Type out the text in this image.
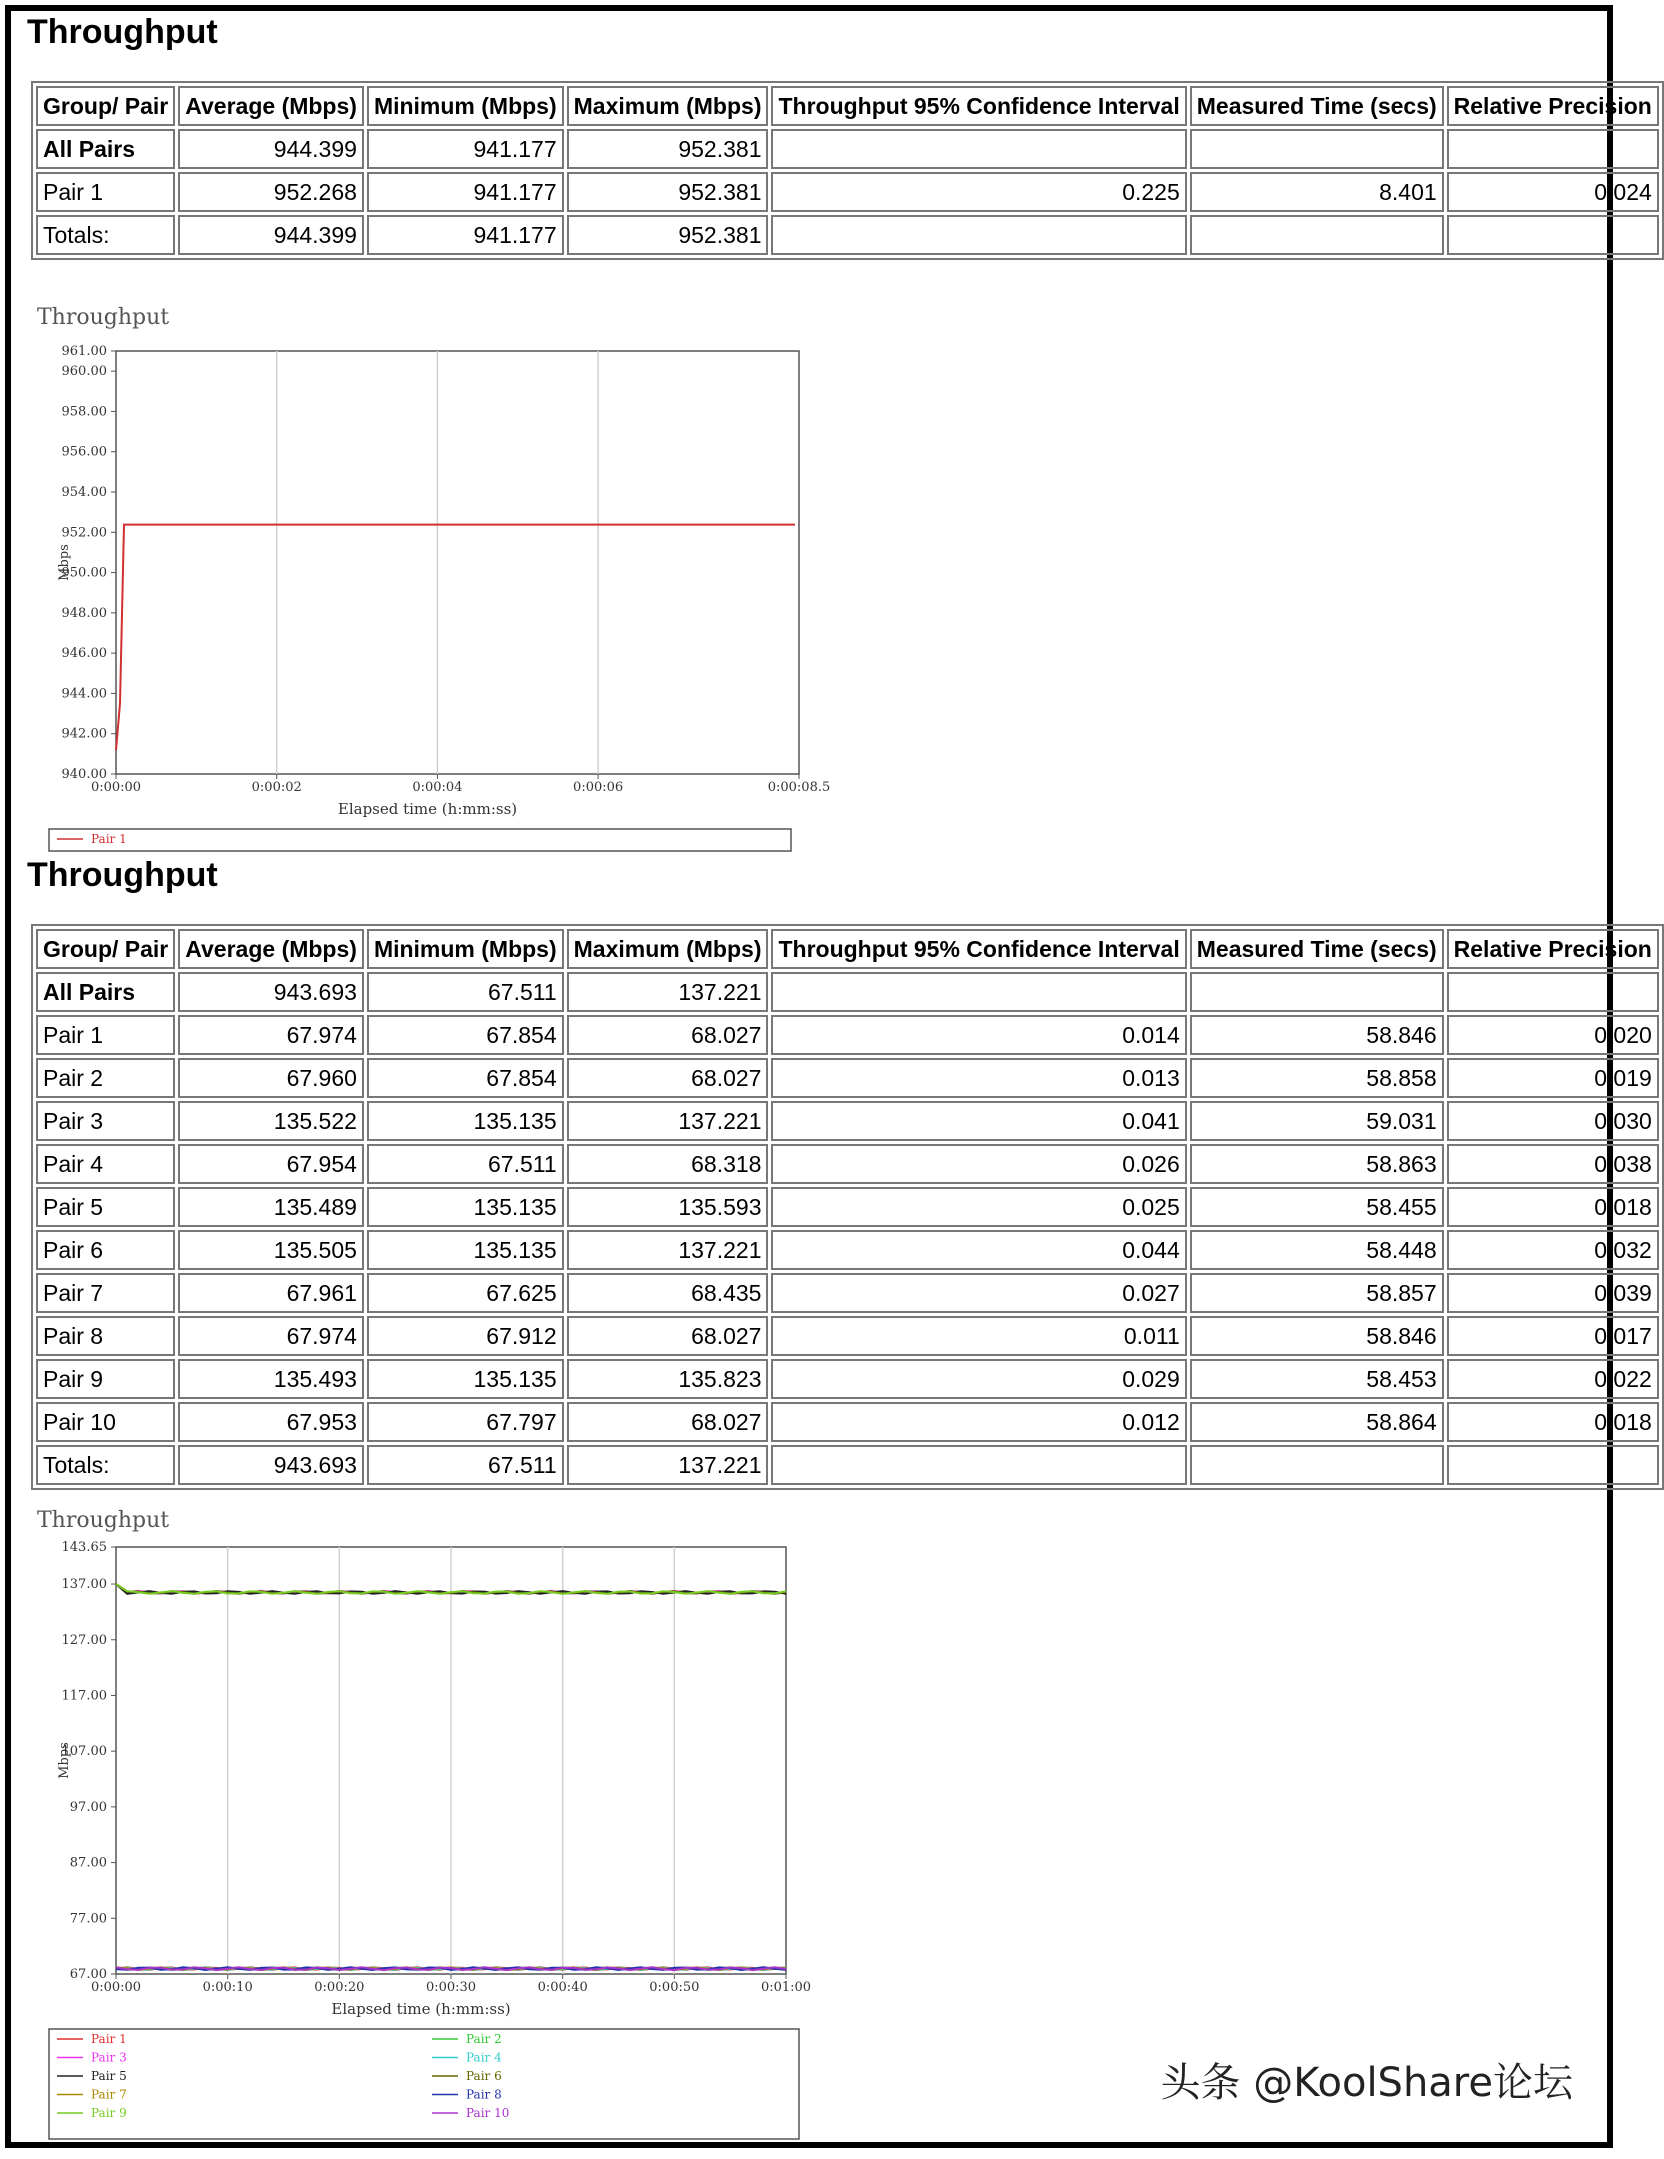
Throughput
Group/ Pair	Average (Mbps)	Minimum (Mbps)	Maximum (Mbps)	Throughput 95% Confidence Interval	Measured Time (secs)	Relative Precision
All Pairs	944.399	941.177	952.381			
Pair 1	952.268	941.177	952.381	0.225	8.401	0.024
Totals:	944.399	941.177	952.381			
Throughput
0:00:00	0:00:02	0:00:04	0:00:06	0:00:08.5
961.00
960.00
958.00
956.00
954.00
952.00
950.00
948.00
946.00
944.00
942.00
940.00
Mbps
Elapsed time (h:mm:ss)
Pair 1
Throughput
Group/ Pair	Average (Mbps)	Minimum (Mbps)	Maximum (Mbps)	Throughput 95% Confidence Interval	Measured Time (secs)	Relative Precision
All Pairs	943.693	67.511	137.221			
Pair 1	67.974	67.854	68.027	0.014	58.846	0.020
Pair 2	67.960	67.854	68.027	0.013	58.858	0.019
Pair 3	135.522	135.135	137.221	0.041	59.031	0.030
Pair 4	67.954	67.511	68.318	0.026	58.863	0.038
Pair 5	135.489	135.135	135.593	0.025	58.455	0.018
Pair 6	135.505	135.135	137.221	0.044	58.448	0.032
Pair 7	67.961	67.625	68.435	0.027	58.857	0.039
Pair 8	67.974	67.912	68.027	0.011	58.846	0.017
Pair 9	135.493	135.135	135.823	0.029	58.453	0.022
Pair 10	67.953	67.797	68.027	0.012	58.864	0.018
Totals:	943.693	67.511	137.221			
Throughput
0:00:00	0:00:10	0:00:20	0:00:30	0:00:40	0:00:50	0:01:00
143.65
137.00
127.00
117.00
107.00
97.00
87.00
77.00
67.00
Mbps
Elapsed time (h:mm:ss)
Pair 1	Pair 2
Pair 3	Pair 4
Pair 5	Pair 6
Pair 7	Pair 8
Pair 9	Pair 10
头条 @KoolShare论坛
